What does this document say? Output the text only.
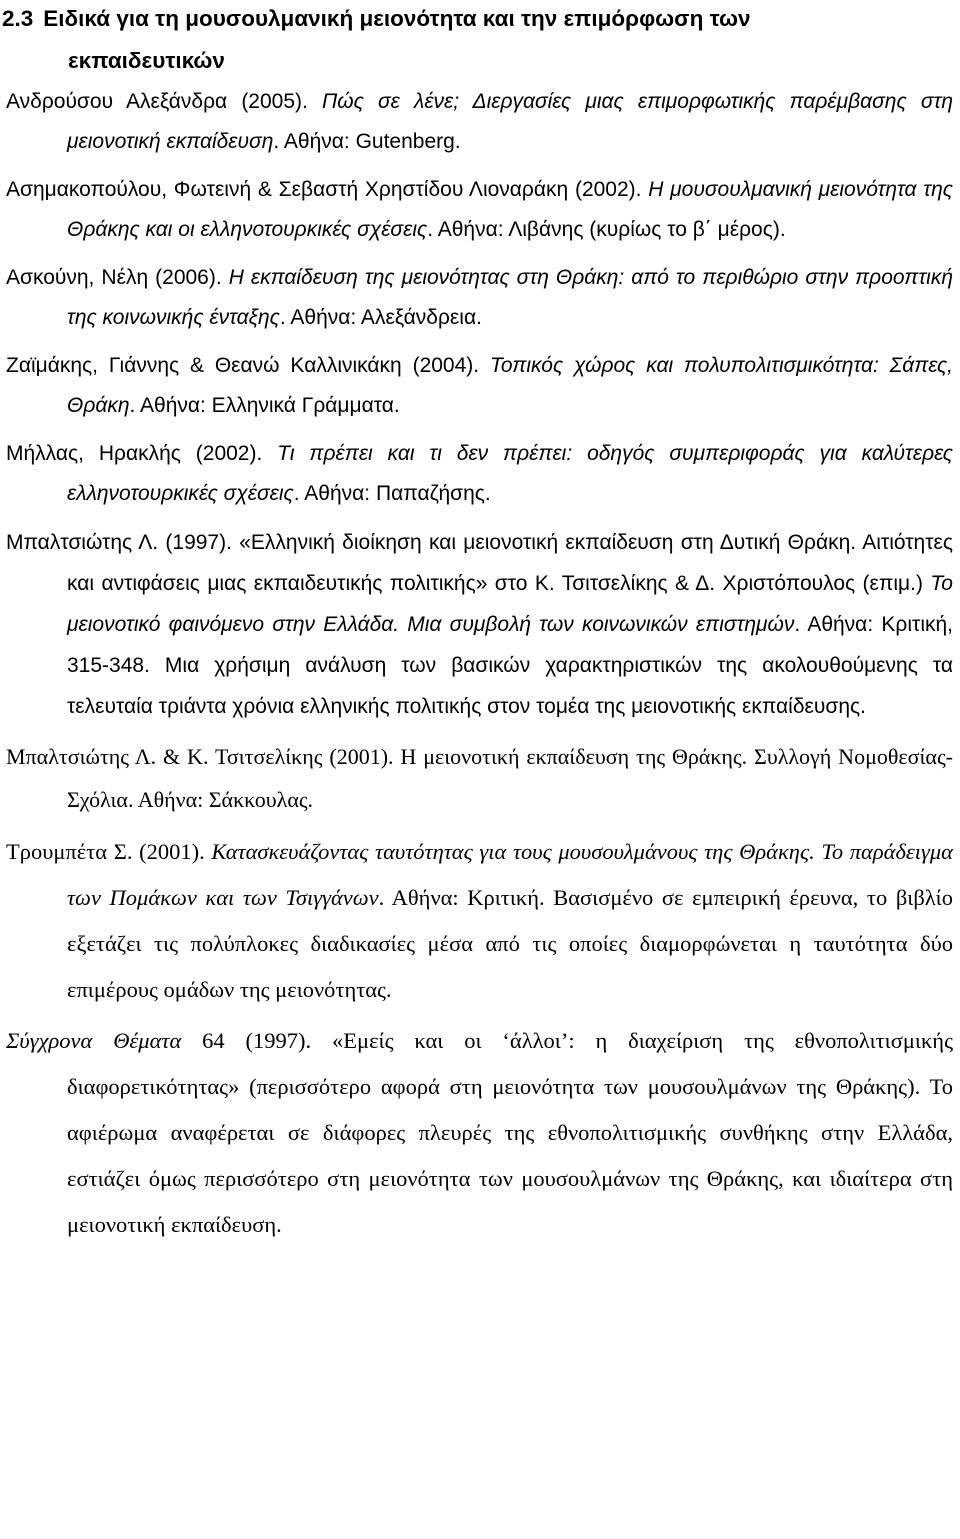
2.3 Ειδικά για τη μουσουλμανική μειονότητα και την επιμόρφωση των
εκπαιδευτικών

Ανδρούσου Αλεξάνδρα (2005). Πώς σε λένε; Διεργασίες μιας επιμορφωτικής παρέμβασης στη μειονοτική εκπαίδευση. Αθήνα: Gutenberg.

Ασημακοπούλου, Φωτεινή & Σεβαστή Χρηστίδου Λιοναράκη (2002). Η μουσουλμανική μειονότητα της Θράκης και οι ελληνοτουρκικές σχέσεις. Αθήνα: Λιβάνης (κυρίως το β΄ μέρος).

Ασκούνη, Νέλη (2006). Η εκπαίδευση της μειονότητας στη Θράκη: από το περιθώριο στην προοπτική της κοινωνικής ένταξης. Αθήνα: Αλεξάνδρεια.

Ζαϊμάκης, Γιάννης & Θεανώ Καλλινικάκη (2004). Τοπικός χώρος και πολυπολιτισμικότητα: Σάπες, Θράκη. Αθήνα: Ελληνικά Γράμματα.

Μήλλας, Ηρακλής (2002). Τι πρέπει και τι δεν πρέπει: οδηγός συμπεριφοράς για καλύτερες ελληνοτουρκικές σχέσεις. Αθήνα: Παπαζήσης.

Μπαλτσιώτης Λ. (1997). «Ελληνική διοίκηση και μειονοτική εκπαίδευση στη Δυτική Θράκη. Αιτιότητες και αντιφάσεις μιας εκπαιδευτικής πολιτικής» στο Κ. Τσιτσελίκης & Δ. Χριστόπουλος (επιμ.) Το μειονοτικό φαινόμενο στην Ελλάδα. Μια συμβολή των κοινωνικών επιστημών. Αθήνα: Κριτική, 315-348. Μια χρήσιμη ανάλυση των βασικών χαρακτηριστικών της ακολουθούμενης τα τελευταία τριάντα χρόνια ελληνικής πολιτικής στον τομέα της μειονοτικής εκπαίδευσης.

Μπαλτσιώτης Λ. & Κ. Τσιτσελίκης (2001). Η μειονοτική εκπαίδευση της Θράκης. Συλλογή Νομοθεσίας-Σχόλια. Αθήνα: Σάκκουλας.

Τρουμπέτα Σ. (2001). Κατασκευάζοντας ταυτότητας για τους μουσουλμάνους της Θράκης. Το παράδειγμα των Πομάκων και των Τσιγγάνων. Αθήνα: Κριτική. Βασισμένο σε εμπειρική έρευνα, το βιβλίο εξετάζει τις πολύπλοκες διαδικασίες μέσα από τις οποίες διαμορφώνεται η ταυτότητα δύο επιμέρους ομάδων της μειονότητας.

Σύγχρονα Θέματα 64 (1997). «Εμείς και οι ‘άλλοι’: η διαχείριση της εθνοπολιτισμικής διαφορετικότητας» (περισσότερο αφορά στη μειονότητα των μουσουλμάνων της Θράκης). Το αφιέρωμα αναφέρεται σε διάφορες πλευρές της εθνοπολιτισμικής συνθήκης στην Ελλάδα, εστιάζει όμως περισσότερο στη μειονότητα των μουσουλμάνων της Θράκης, και ιδιαίτερα στη μειονοτική εκπαίδευση.
